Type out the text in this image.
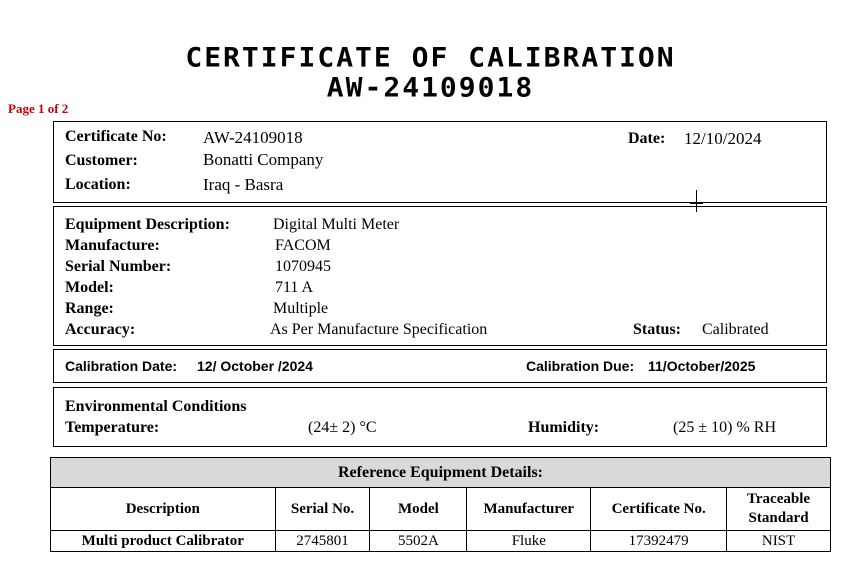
CERTIFICATE OF CALIBRATION
AW-24109018
Page 1 of 2
Certificate No: AW-24109018	Date: 12/10/2024
Customer:	Bonatti Company
Location:	Iraq - Basra
Equipment Description:	Digital Multi Meter
Manufacture:	FACOM
Serial Number:	1070945
Model:	711 A
Range:	Multiple
Accuracy:	As Per Manufacture Specification	Status: Calibrated
Calibration Date: 12/ October /2024	Calibration Due: 11/October/2025
Environmental Conditions
Temperature:	(24± 2) °C	Humidity:	(25 ± 10) % RH
Reference Equipment Details:					
Description	Serial No.	Model	Manufacturer	Certificate No.	Traceable Standard
Multi product Calibrator	2745801	5502A	Fluke	17392479	NIST
